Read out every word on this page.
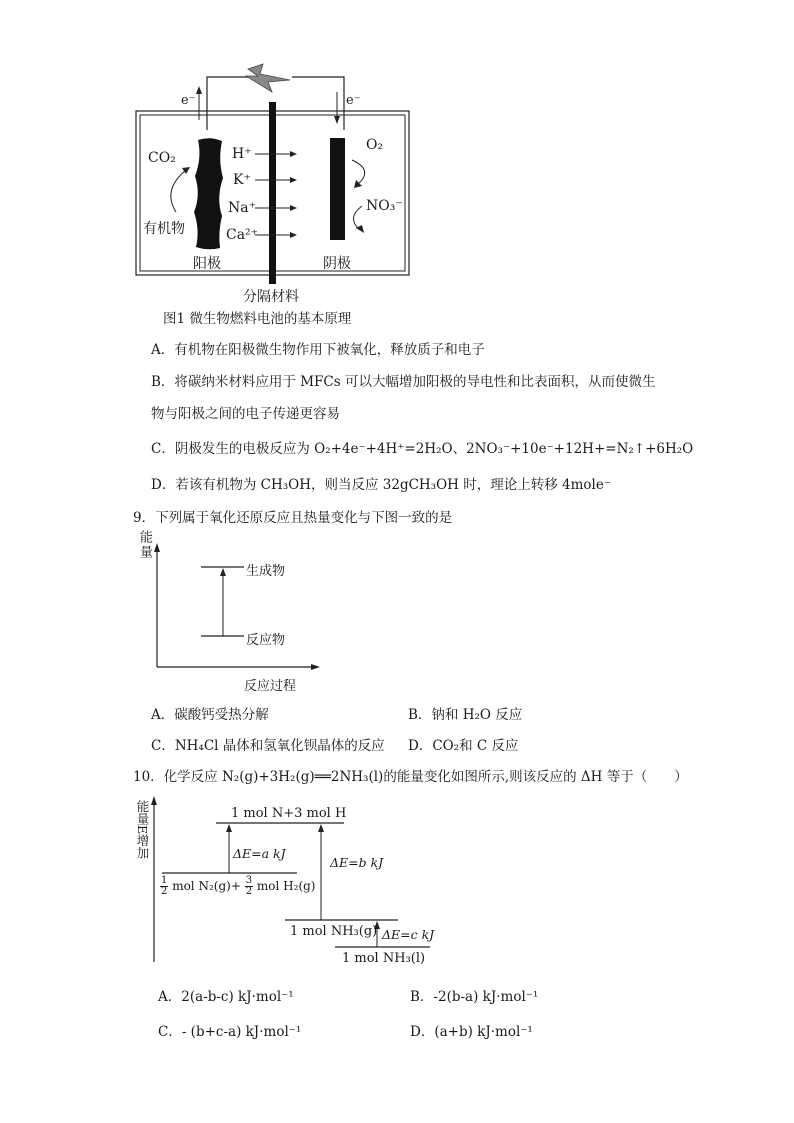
e⁻	e⁻
CO₂
有机物
H⁺
K⁺
Na⁺
Ca²⁺
O₂
NO₃⁻
阳极	阴极
分隔材料
图1 微生物燃料电池的基本原理
A．有机物在阳极微生物作用下被氧化，释放质子和电子
B．将碳纳米材料应用于 MFCs 可以大幅增加阳极的导电性和比表面积，从而使微生
物与阳极之间的电子传递更容易
C．阴极发生的电极反应为 O₂+4e⁻+4H⁺=2H₂O、2NO₃⁻+10e⁻+12H+=N₂↑+6H₂O
D．若该有机物为 CH₃OH，则当反应 32gCH₃OH 时，理论上转移 4mole⁻
9．下列属于氧化还原反应且热量变化与下图一致的是
能量
生成物
反应物
反应过程
A．碳酸钙受热分解	B．钠和 H₂O 反应
C．NH₄Cl 晶体和氢氧化钡晶体的反应 D．CO₂和 C 反应
10．化学反应 N₂(g)+3H₂(g)══2NH₃(l)的能量变化如图所示,则该反应的 ΔH 等于（　　）
能量E增加	1 mol N+3 mol H
ΔE=a kJ
ΔE=b kJ
ΔE=c kJ
$\frac{1}{2}$ mol $N_2(g)+ \frac{3}{2}$ mol H₂(g)
1 mol NH₃(g)
1 mol NH₃(l)
A．2(a-b-c) kJ·mol⁻¹	B．-2(b-a) kJ·mol⁻¹
C．- (b+c-a) kJ·mol⁻¹	D．(a+b) kJ·mol⁻¹
